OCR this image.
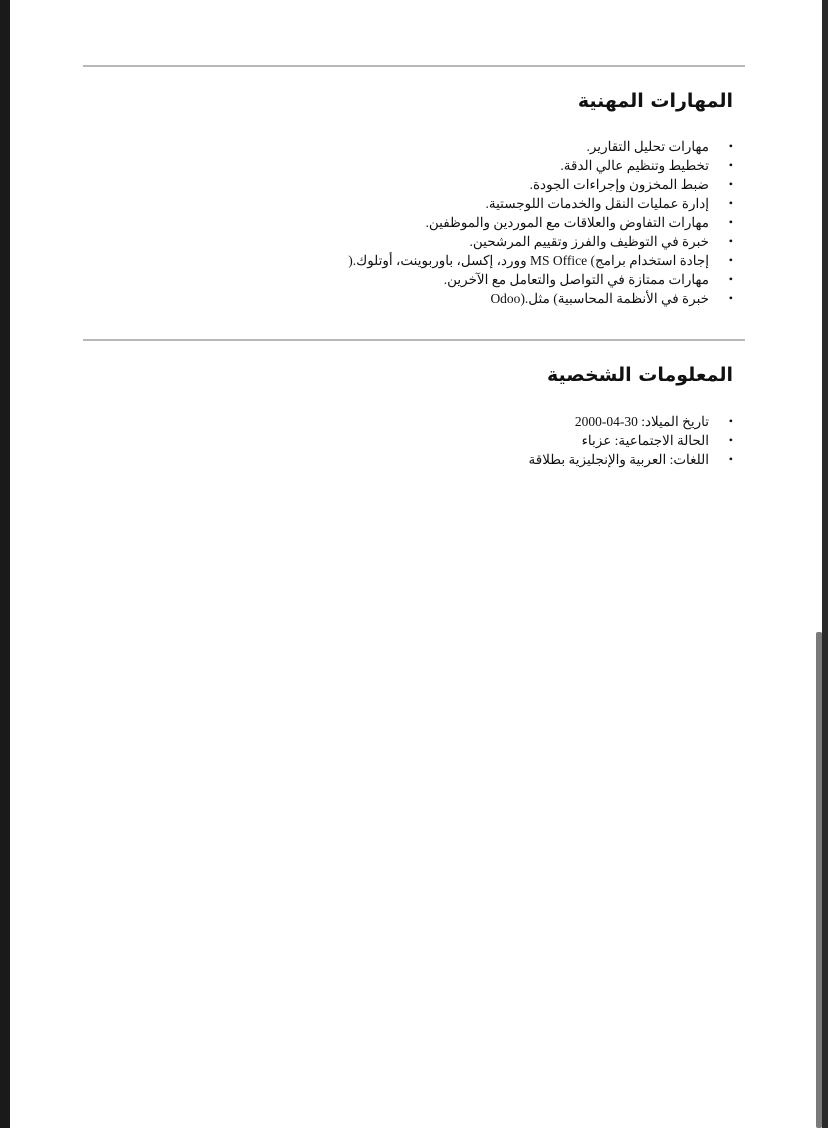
المهارات المهنية
•
مهارات تحليل التقارير.
•
تخطيط وتنظيم عالي الدقة.
•
ضبط المخزون وإجراءات الجودة.
•
إدارة عمليات النقل والخدمات اللوجستية.
•
مهارات التفاوض والعلاقات مع الموردين والموظفين.
•
خبرة في التوظيف والفرز وتقييم المرشحين.
•
إجادة استخدام برامج) MS Office وورد، إكسل، باوربوينت، أوتلوك.(
•
مهارات ممتازة في التواصل والتعامل مع الآخرين.
•
خبرة في الأنظمة المحاسبية) مثل.(Odoo
المعلومات الشخصية
•
تاريخ الميلاد: 30-04-2000
•
الحالة الاجتماعية: عزباء
•
اللغات: العربية والإنجليزية بطلاقة
